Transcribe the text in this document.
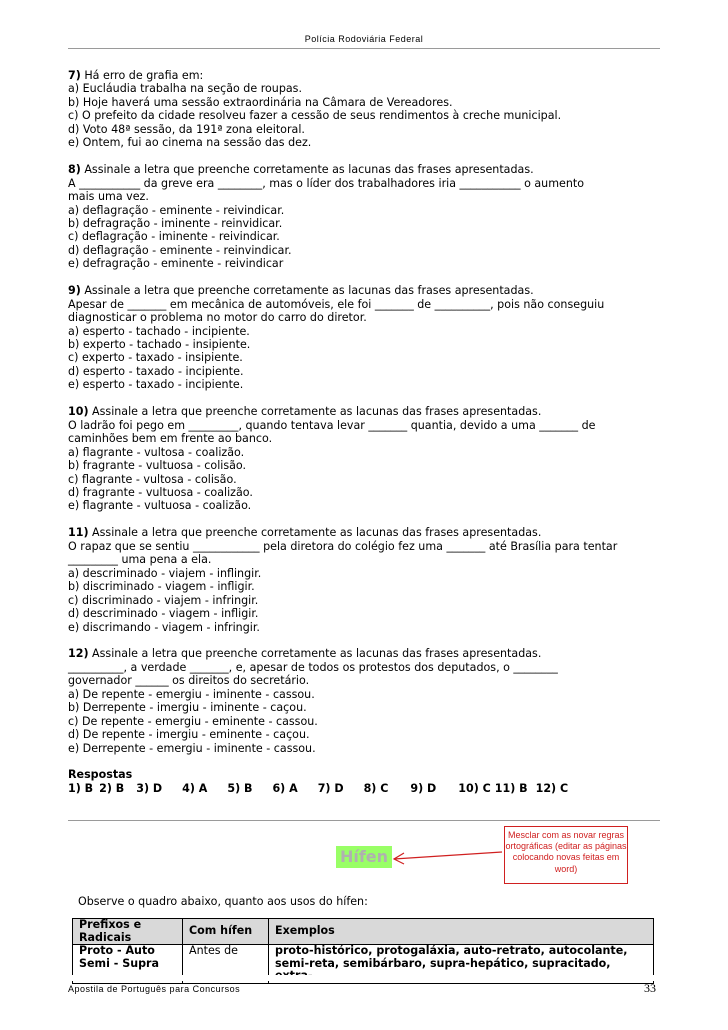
Polícia Rodoviária Federal

7) Há erro de grafia em:

a) Eucláudia trabalha na seção de roupas.

b) Hoje haverá uma sessão extraordinária na Câmara de Vereadores.

c) O prefeito da cidade resolveu fazer a cessão de seus rendimentos à creche municipal.

d) Voto 48ª sessão, da 191ª zona eleitoral.

e) Ontem, fui ao cinema na sessão das dez.

8) Assinale a letra que preenche corretamente as lacunas das frases apresentadas.

A ___________ da greve era ________, mas o líder dos trabalhadores iria ___________ o aumento

mais uma vez.

a) deflagração - eminente - reivindicar.

b) defragração - iminente - reinvidicar.

c) deflagração - iminente - reivindicar.

d) deflagração - eminente - reinvindicar.

e) defragração - eminente - reivindicar

9) Assinale a letra que preenche corretamente as lacunas das frases apresentadas.

Apesar de _______ em mecânica de automóveis, ele foi _______ de __________, pois não conseguiu

diagnosticar o problema no motor do carro do diretor.

a) esperto - tachado - incipiente.

b) experto - tachado - insipiente.

c) experto - taxado - insipiente.

d) esperto - taxado - incipiente.

e) esperto - taxado - incipiente.

10) Assinale a letra que preenche corretamente as lacunas das frases apresentadas.

O ladrão foi pego em _________, quando tentava levar _______ quantia, devido a uma _______ de

caminhões bem em frente ao banco.

a) flagrante - vultosa - coalizão.

b) fragrante - vultuosa - colisão.

c) flagrante - vultosa - colisão.

d) fragrante - vultuosa - coalizão.

e) flagrante - vultuosa - coalizão.

11) Assinale a letra que preenche corretamente as lacunas das frases apresentadas.

O rapaz que se sentiu ____________ pela diretora do colégio fez uma _______ até Brasília para tentar

_________ uma pena a ela.

a) descriminado - viajem - inflingir.

b) discriminado - viagem - infligir.

c) discriminado - viajem - infringir.

d) descriminado - viagem - infligir.

e) discrimando - viagem - infringir.

12) Assinale a letra que preenche corretamente as lacunas das frases apresentadas.

__________, a verdade _______, e, apesar de todos os protestos dos deputados, o ________

governador ______ os direitos do secretário.

a) De repente - emergiu - iminente - cassou.

b) Derrepente - imergiu - iminente - caçou.

c) De repente - emergiu - eminente - cassou.

d) De repente - imergiu - eminente - caçou.

e) Derrepente - emergiu - iminente - cassou.

Respostas

1) B 2) B 3) D 4) A 5) B 6) A 7) D 8) C 9) D 10) C 11) B 12) C
Hífen
Mesclar com as novar regras ortográficas (editar as páginas colocando novas feitas em word)
Observe o quadro abaixo, quanto aos usos do hífen:
Prefixos e Radicais	Com hífen	Exemplos
Proto - Auto Semi - Supra	Antes de	proto-histórico, protogaláxia, auto-retrato, autocolante, semi-reta, semibárbaro, supra-hepático, supracitado,
Apostila de Português para Concursos	33
